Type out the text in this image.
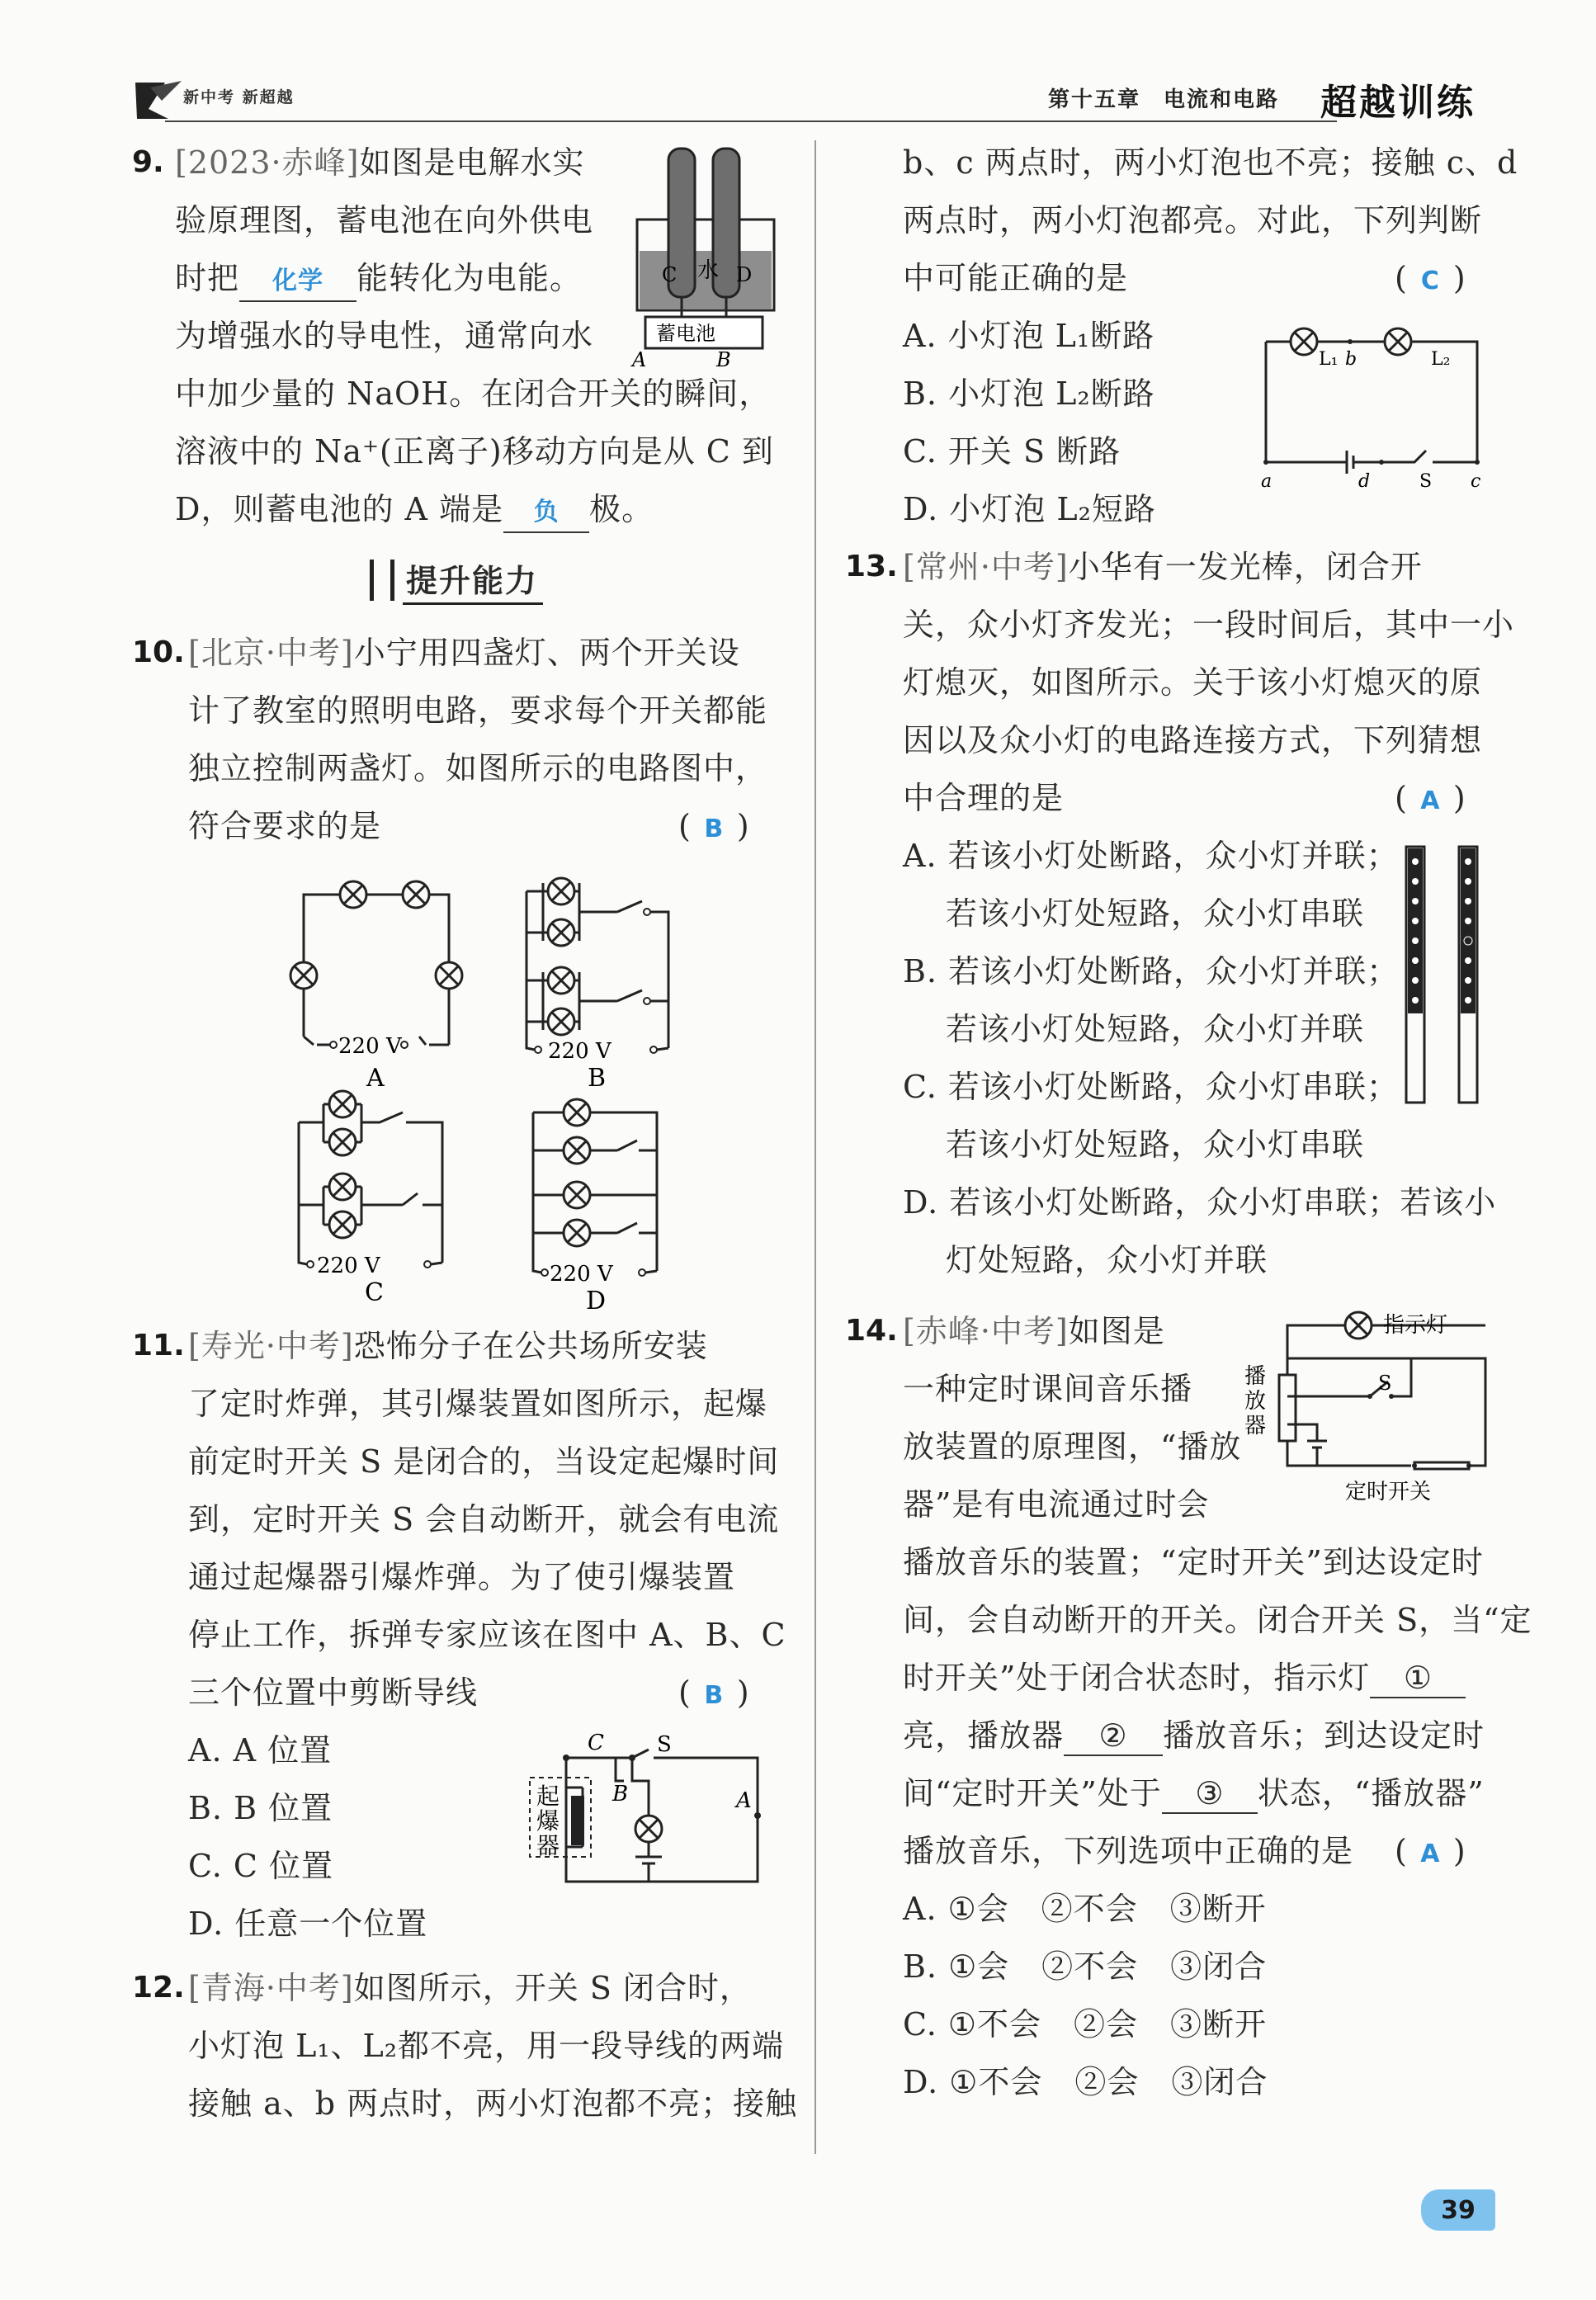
新中考 新超越	第十五章　电流和电路 超越训练
9. [2023·赤峰]如图是电解水实
验原理图，蓄电池在向外供电
时把 化学 能转化为电能。
为增强水的导电性，通常向水
中加少量的 NaOH。在闭合开关的瞬间，
溶液中的 Na⁺(正离子)移动方向是从 C 到
D，则蓄电池的 A 端是 负 极。
C 水 D
蓄电池
A	B
提升能力
10. [北京·中考]小宁用四盏灯、两个开关设
计了教室的照明电路，要求每个开关都能
独立控制两盏灯。如图所示的电路图中，
符合要求的是	( B )
220 V
A
220 V
B
220 V
C
220 V
D
11. [寿光·中考]恐怖分子在公共场所安装
了定时炸弹，其引爆装置如图所示，起爆
前定时开关 S 是闭合的，当设定起爆时间
到，定时开关 S 会自动断开，就会有电流
通过起爆器引爆炸弹。为了使引爆装置
停止工作，拆弹专家应该在图中 A、B、C
三个位置中剪断导线	( B )
A. A 位置
B. B 位置
C. C 位置
D. 任意一个位置
起
爆
器
C S
B	A
12. [青海·中考]如图所示，开关 S 闭合时，
小灯泡 L₁、L₂都不亮，用一段导线的两端
接触 a、b 两点时，两小灯泡都不亮；接触
b、c 两点时，两小灯泡也不亮；接触 c、d
两点时，两小灯泡都亮。对此，下列判断
中可能正确的是	( C )
A. 小灯泡 L₁断路
B. 小灯泡 L₂断路
C. 开关 S 断路
D. 小灯泡 L₂短路
L₁ b	L₂
a	d	S c
13. [常州·中考]小华有一发光棒，闭合开
关，众小灯齐发光；一段时间后，其中一小
灯熄灭，如图所示。关于该小灯熄灭的原
因以及众小灯的电路连接方式，下列猜想
中合理的是	( A )
A. 若该小灯处断路，众小灯并联；
若该小灯处短路，众小灯串联
B. 若该小灯处断路，众小灯并联；
若该小灯处短路，众小灯并联
C. 若该小灯处断路，众小灯串联；
若该小灯处短路，众小灯串联
D. 若该小灯处断路，众小灯串联；若该小
灯处短路，众小灯并联
14. [赤峰·中考]如图是
一种定时课间音乐播
放装置的原理图，“播放
器”是有电流通过时会
播放音乐的装置；“定时开关”到达设定时
间，会自动断开的开关。闭合开关 S，当“定
时开关”处于闭合状态时，指示灯 ①
亮，播放器 ② 播放音乐；到达设定时
间“定时开关”处于 ③ 状态，“播放器”
播放音乐，下列选项中正确的是 ( A )
A. ①会　②不会　③断开
B. ①会　②不会　③闭合
C. ①不会　②会　③断开
D. ①不会　②会　③闭合
指示灯
播
放
器
S
定时开关
39
